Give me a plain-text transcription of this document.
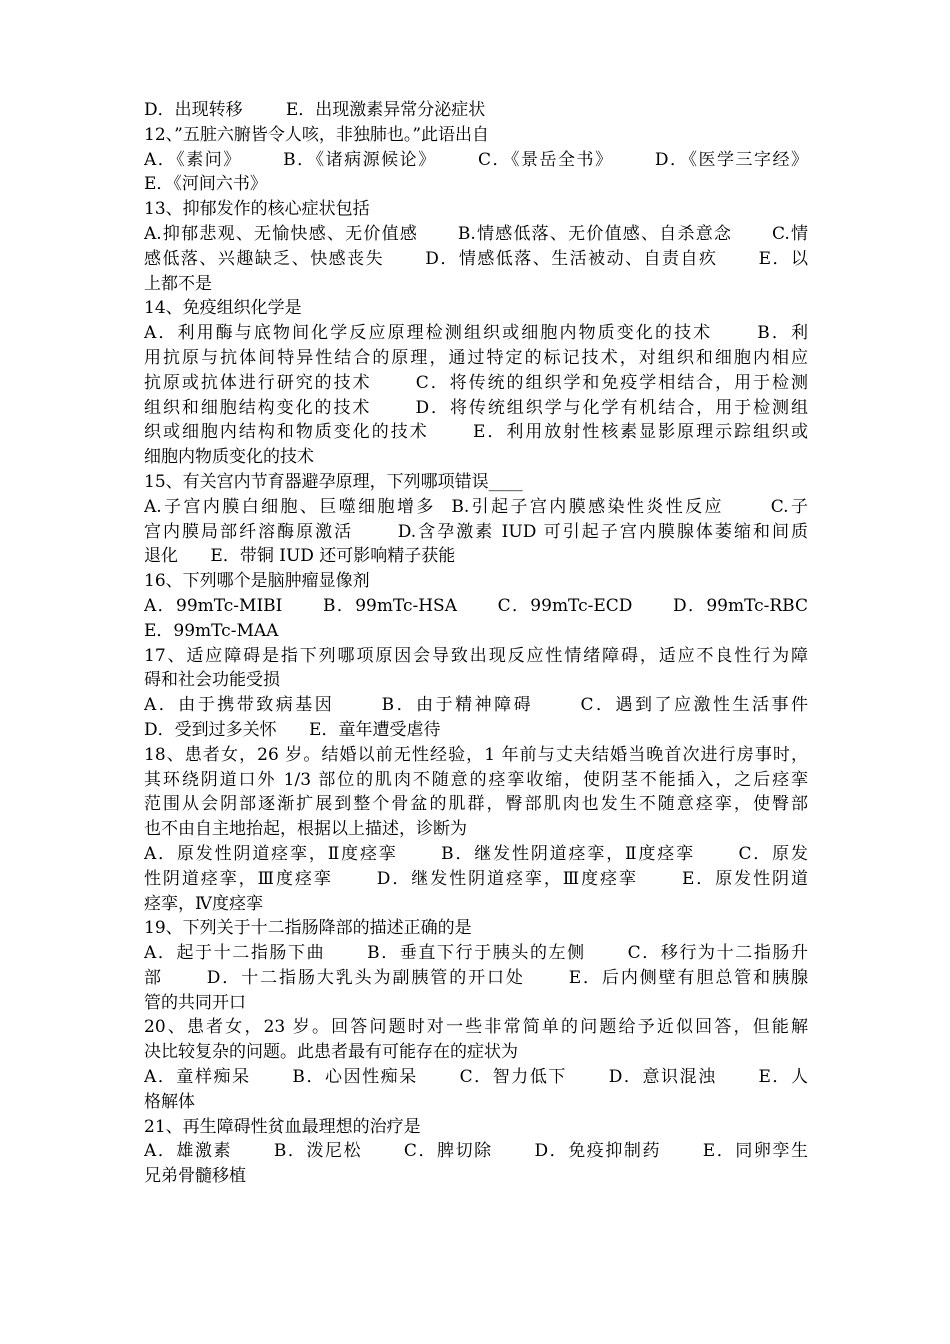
D．出现转移        E．出现激素异常分泌症状
12、”五脏六腑皆令人咳，非独肺也。”此语出自
A．《素问》      B．《诸病源候论》      C．《景岳全书》      D．《医学三字经》
E．《河间六书》
13、抑郁发作的核心症状包括
A.抑郁悲观、无愉快感、无价值感      B.情感低落、无价值感、自杀意念      C.情
感低落、兴趣缺乏、快感丧失      D．情感低落、生活被动、自责自疚      E．以
上都不是
14、免疫组织化学是
A．利用酶与底物间化学反应原理检测组织或细胞内物质变化的技术      B．利
用抗原与抗体间特异性结合的原理，通过特定的标记技术，对组织和细胞内相应
抗原或抗体进行研究的技术      C．将传统的组织学和免疫学相结合，用于检测
组织和细胞结构变化的技术      D．将传统组织学与化学有机结合，用于检测组
织或细胞内结构和物质变化的技术      E．利用放射性核素显影原理示踪组织或
细胞内物质变化的技术
15、有关宫内节育器避孕原理，下列哪项错误____
A.子宫内膜白细胞、巨噬细胞增多  B.引起子宫内膜感染性炎性反应      C.子
宫内膜局部纤溶酶原激活      D.含孕激素 IUD 可引起子宫内膜腺体萎缩和间质
退化      E．带铜 IUD 还可影响精子获能
16、下列哪个是脑肿瘤显像剂
A．99mTc-MIBI      B．99mTc-HSA      C．99mTc-ECD      D．99mTc-RBC
E．99mTc-MAA
17、适应障碍是指下列哪项原因会导致出现反应性情绪障碍，适应不良性行为障
碍和社会功能受损
A．由于携带致病基因      B．由于精神障碍      C．遇到了应激性生活事件
D．受到过多关怀      E．童年遭受虐待
18、患者女，26 岁。结婚以前无性经验，1 年前与丈夫结婚当晚首次进行房事时，
其环绕阴道口外 1/3 部位的肌肉不随意的痉挛收缩，使阴茎不能插入，之后痉挛
范围从会阴部逐渐扩展到整个骨盆的肌群，臀部肌肉也发生不随意痉挛，使臀部
也不由自主地抬起，根据以上描述，诊断为
A．原发性阴道痉挛，Ⅱ度痉挛      B．继发性阴道痉挛，Ⅱ度痉挛      C．原发
性阴道痉挛，Ⅲ度痉挛      D．继发性阴道痉挛，Ⅲ度痉挛      E．原发性阴道
痉挛，Ⅳ度痉挛
19、下列关于十二指肠降部的描述正确的是
A．起于十二指肠下曲      B．垂直下行于胰头的左侧      C．移行为十二指肠升
部      D．十二指肠大乳头为副胰管的开口处      E．后内侧壁有胆总管和胰腺
管的共同开口
20、患者女，23 岁。回答问题时对一些非常简单的问题给予近似回答，但能解
决比较复杂的问题。此患者最有可能存在的症状为
A．童样痴呆      B．心因性痴呆      C．智力低下      D．意识混浊      E．人
格解体
21、再生障碍性贫血最理想的治疗是
A．雄激素      B．泼尼松      C．脾切除      D．免疫抑制药      E．同卵孪生
兄弟骨髓移植
